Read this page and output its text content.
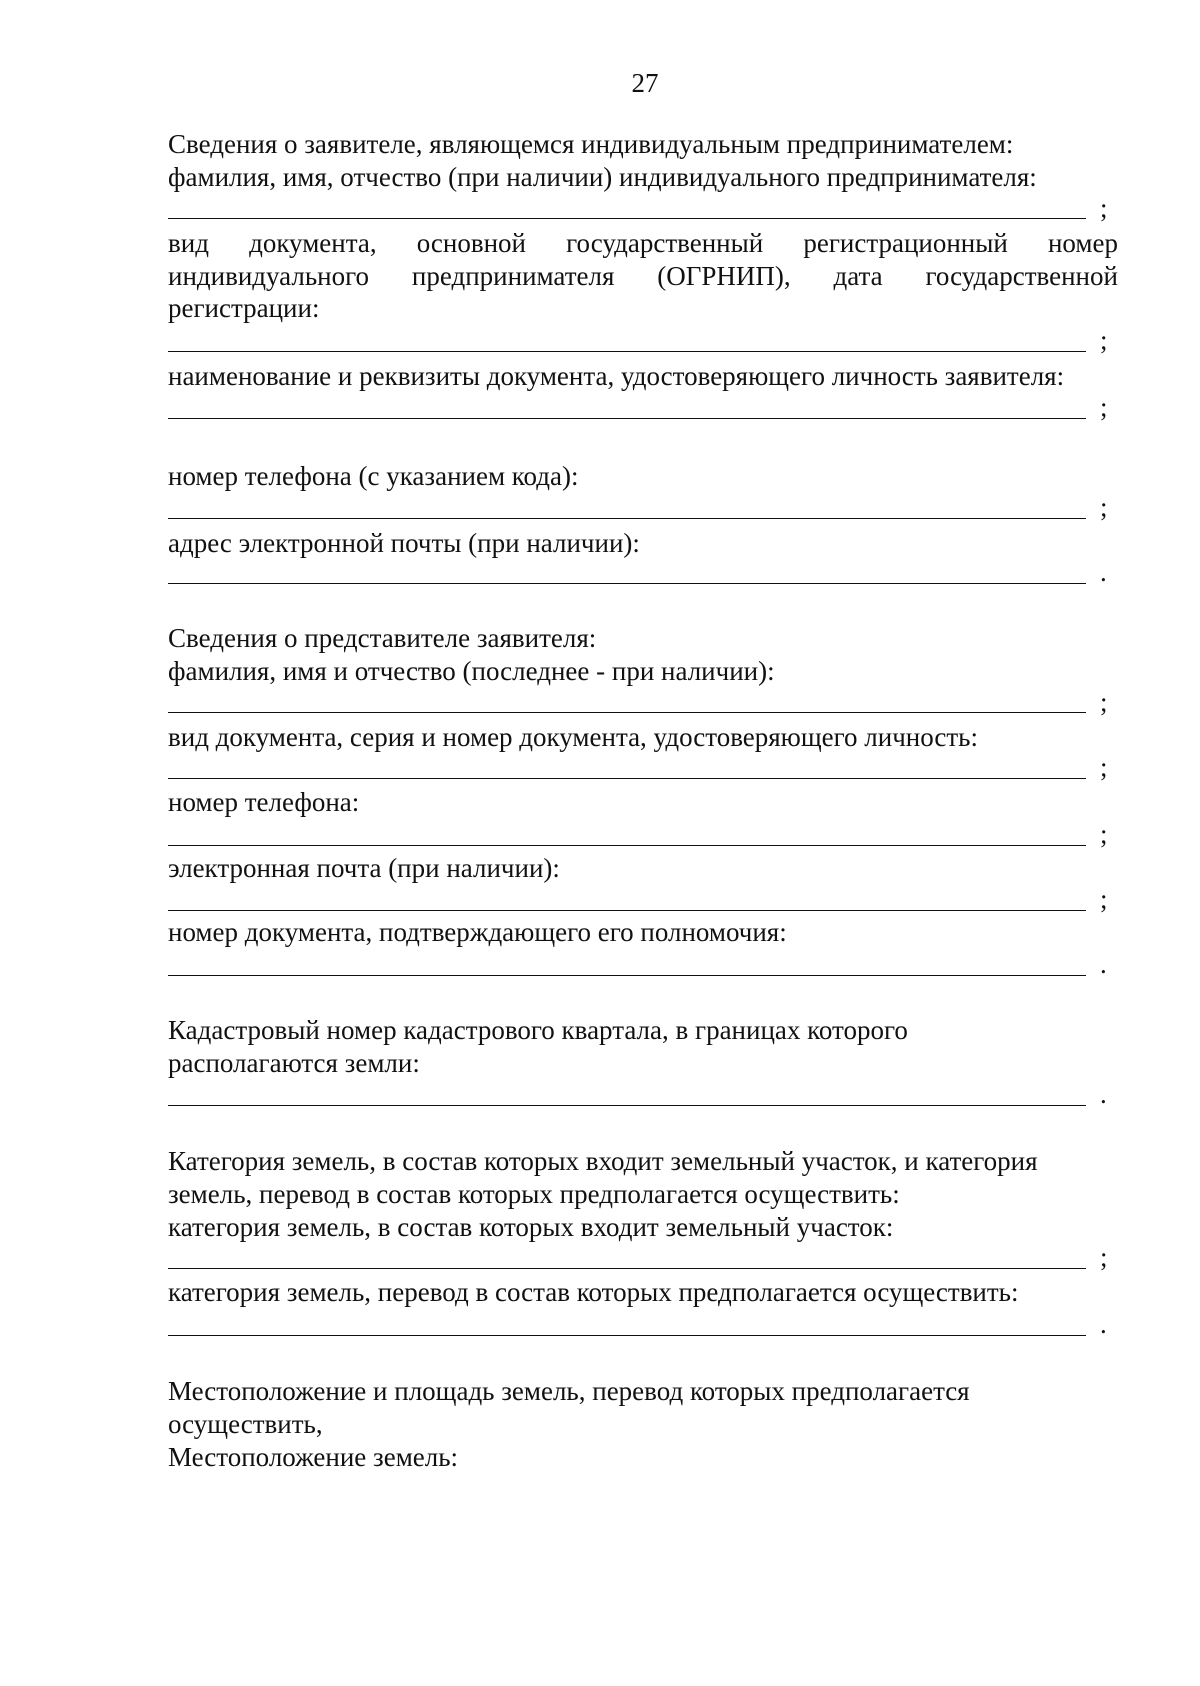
27
Сведения о заявителе, являющемся индивидуальным предпринимателем:
фамилия, имя, отчество (при наличии) индивидуального предпринимателя:
;
вид документа, основной государственный регистрационный номер
индивидуального предпринимателя (ОГРНИП), дата государственной
регистрации:
;
наименование и реквизиты документа, удостоверяющего личность заявителя:
;
номер телефона (с указанием кода):
;
адрес электронной почты (при наличии):
.
Сведения о представителе заявителя:
фамилия, имя и отчество (последнее - при наличии):
;
вид документа, серия и номер документа, удостоверяющего личность:
;
номер телефона:
;
электронная почта (при наличии):
;
номер документа, подтверждающего его полномочия:
.
Кадастровый номер кадастрового квартала, в границах которого
располагаются земли:
.
Категория земель, в состав которых входит земельный участок, и категория
земель, перевод в состав которых предполагается осуществить:
категория земель, в состав которых входит земельный участок:
;
категория земель, перевод в состав которых предполагается осуществить:
.
Местоположение и площадь земель, перевод которых предполагается
осуществить,
Местоположение земель:
